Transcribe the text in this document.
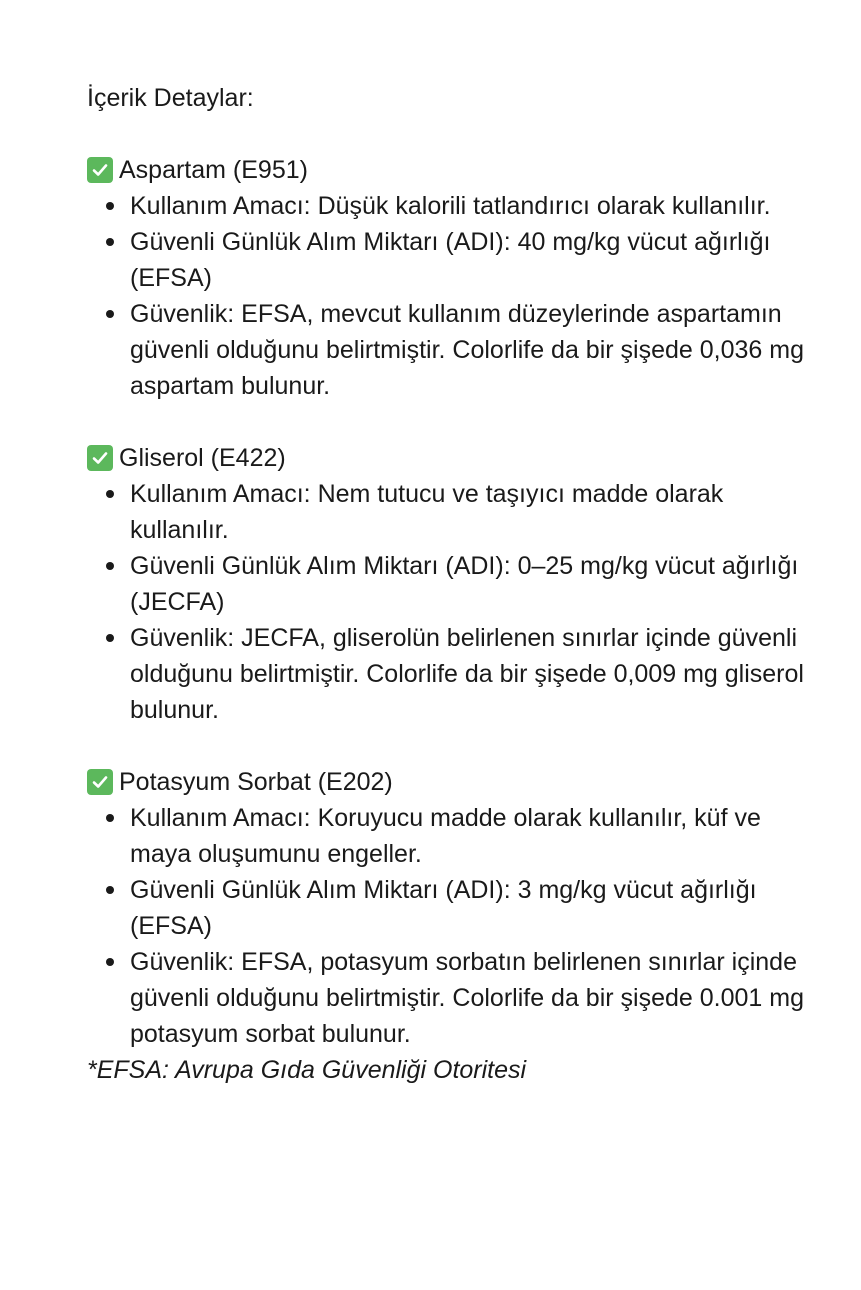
İçerik Detaylar:

Aspartam (E951)
Kullanım Amacı: Düşük kalorili tatlandırıcı olarak kullanılır.
Güvenli Günlük Alım Miktarı (ADI): 40 mg/kg vücut ağırlığı (EFSA)
Güvenlik: EFSA, mevcut kullanım düzeylerinde aspartamın güvenli olduğunu belirtmiştir. Colorlife da bir şişede 0,036 mg aspartam bulunur.
Gliserol (E422)
Kullanım Amacı: Nem tutucu ve taşıyıcı madde olarak kullanılır.
Güvenli Günlük Alım Miktarı (ADI): 0–25 mg/kg vücut ağırlığı (JECFA)
Güvenlik: JECFA, gliserolün belirlenen sınırlar içinde güvenli olduğunu belirtmiştir. Colorlife da bir şişede 0,009 mg gliserol bulunur.
Potasyum Sorbat (E202)
Kullanım Amacı: Koruyucu madde olarak kullanılır, küf ve maya oluşumunu engeller.
Güvenli Günlük Alım Miktarı (ADI): 3 mg/kg vücut ağırlığı (EFSA)
Güvenlik: EFSA, potasyum sorbatın belirlenen sınırlar içinde güvenli olduğunu belirtmiştir. Colorlife da bir şişede 0.001 mg potasyum sorbat bulunur.

*EFSA: Avrupa Gıda Güvenliği Otoritesi
